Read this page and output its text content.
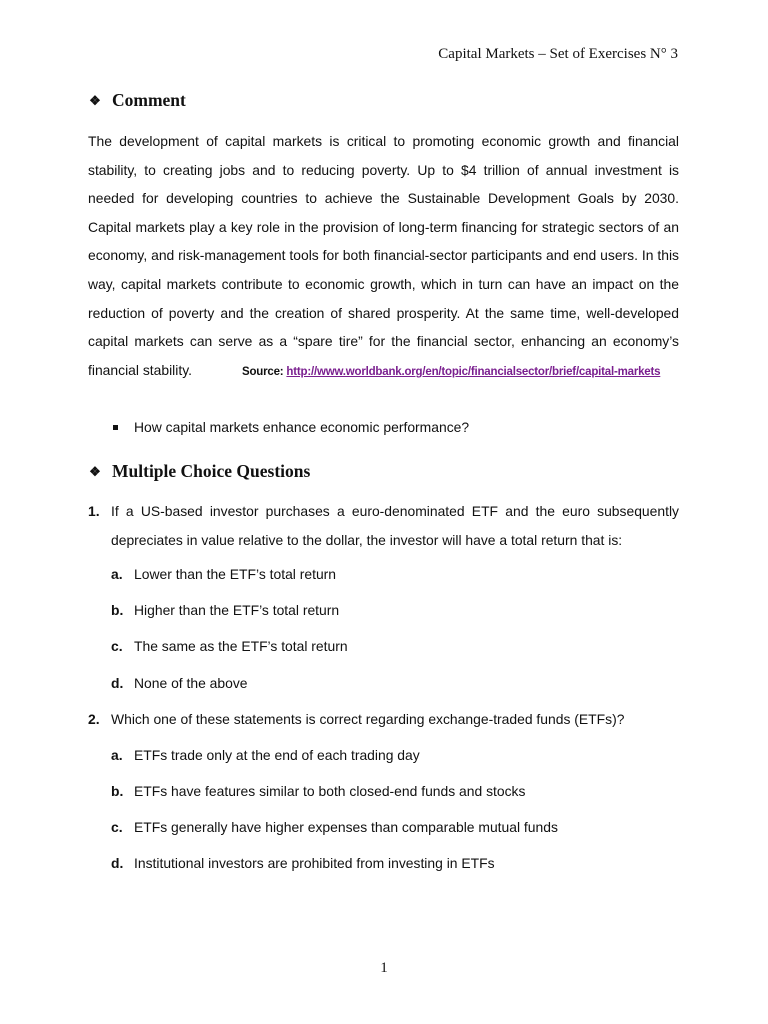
Capital Markets – Set of Exercises N° 3
❖ Comment
The development of capital markets is critical to promoting economic growth and financial stability, to creating jobs and to reducing poverty. Up to $4 trillion of annual investment is needed for developing countries to achieve the Sustainable Development Goals by 2030. Capital markets play a key role in the provision of long-term financing for strategic sectors of an economy, and risk-management tools for both financial-sector participants and end users. In this way, capital markets contribute to economic growth, which in turn can have an impact on the reduction of poverty and the creation of shared prosperity. At the same time, well-developed capital markets can serve as a “spare tire” for the financial sector, enhancing an economy’s financial stability.	Source: http://www.worldbank.org/en/topic/financialsector/brief/capital-markets
How capital markets enhance economic performance?
❖ Multiple Choice Questions
1. If a US-based investor purchases a euro-denominated ETF and the euro subsequently depreciates in value relative to the dollar, the investor will have a total return that is:
a. Lower than the ETF’s total return
b. Higher than the ETF’s total return
c. The same as the ETF’s total return
d. None of the above
2. Which one of these statements is correct regarding exchange-traded funds (ETFs)?
a. ETFs trade only at the end of each trading day
b. ETFs have features similar to both closed-end funds and stocks
c. ETFs generally have higher expenses than comparable mutual funds
d. Institutional investors are prohibited from investing in ETFs
1
